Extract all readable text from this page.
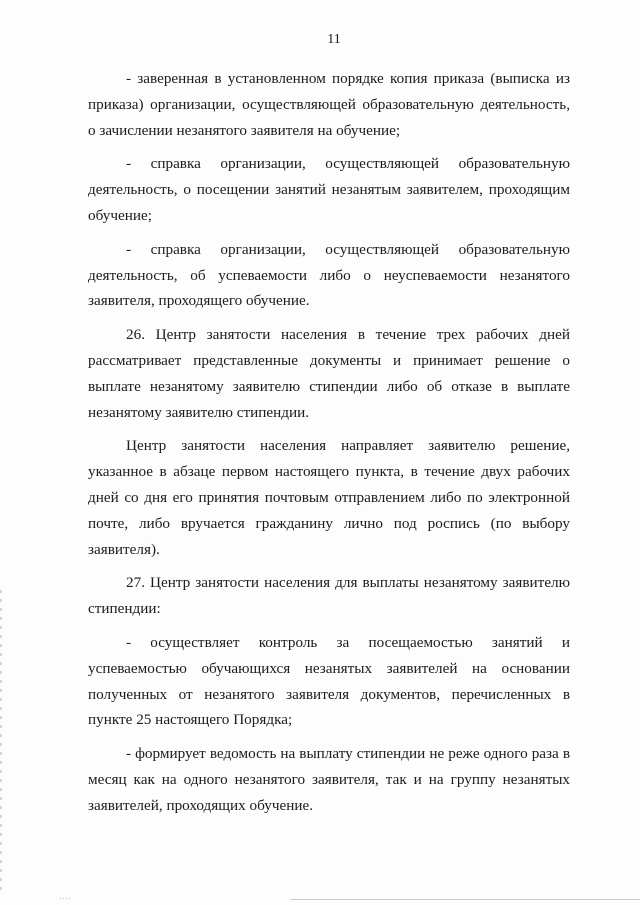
11

- заверенная в установленном порядке копия приказа (выписка из приказа) организации, осуществляющей образовательную деятельность, о зачислении незанятого заявителя на обучение;

- справка организации, осуществляющей образовательную деятельность, о посещении занятий незанятым заявителем, проходящим обучение;

- справка организации, осуществляющей образовательную деятельность, об успеваемости либо о неуспеваемости незанятого заявителя, проходящего обучение.

26. Центр занятости населения в течение трех рабочих дней рассматривает представленные документы и принимает решение о выплате незанятому заявителю стипендии либо об отказе в выплате незанятому заявителю стипендии.

Центр занятости населения направляет заявителю решение, указанное в абзаце первом настоящего пункта, в течение двух рабочих дней со дня его принятия почтовым отправлением либо по электронной почте, либо вручается гражданину лично под роспись (по выбору заявителя).

27. Центр занятости населения для выплаты незанятому заявителю стипендии:

- осуществляет контроль за посещаемостью занятий и успеваемостью обучающихся незанятых заявителей на основании полученных от незанятого заявителя документов, перечисленных в пункте 25 настоящего Порядка;

- формирует ведомость на выплату стипендии не реже одного раза в месяц как на одного незанятого заявителя, так и на группу незанятых заявителей, проходящих обучение.
